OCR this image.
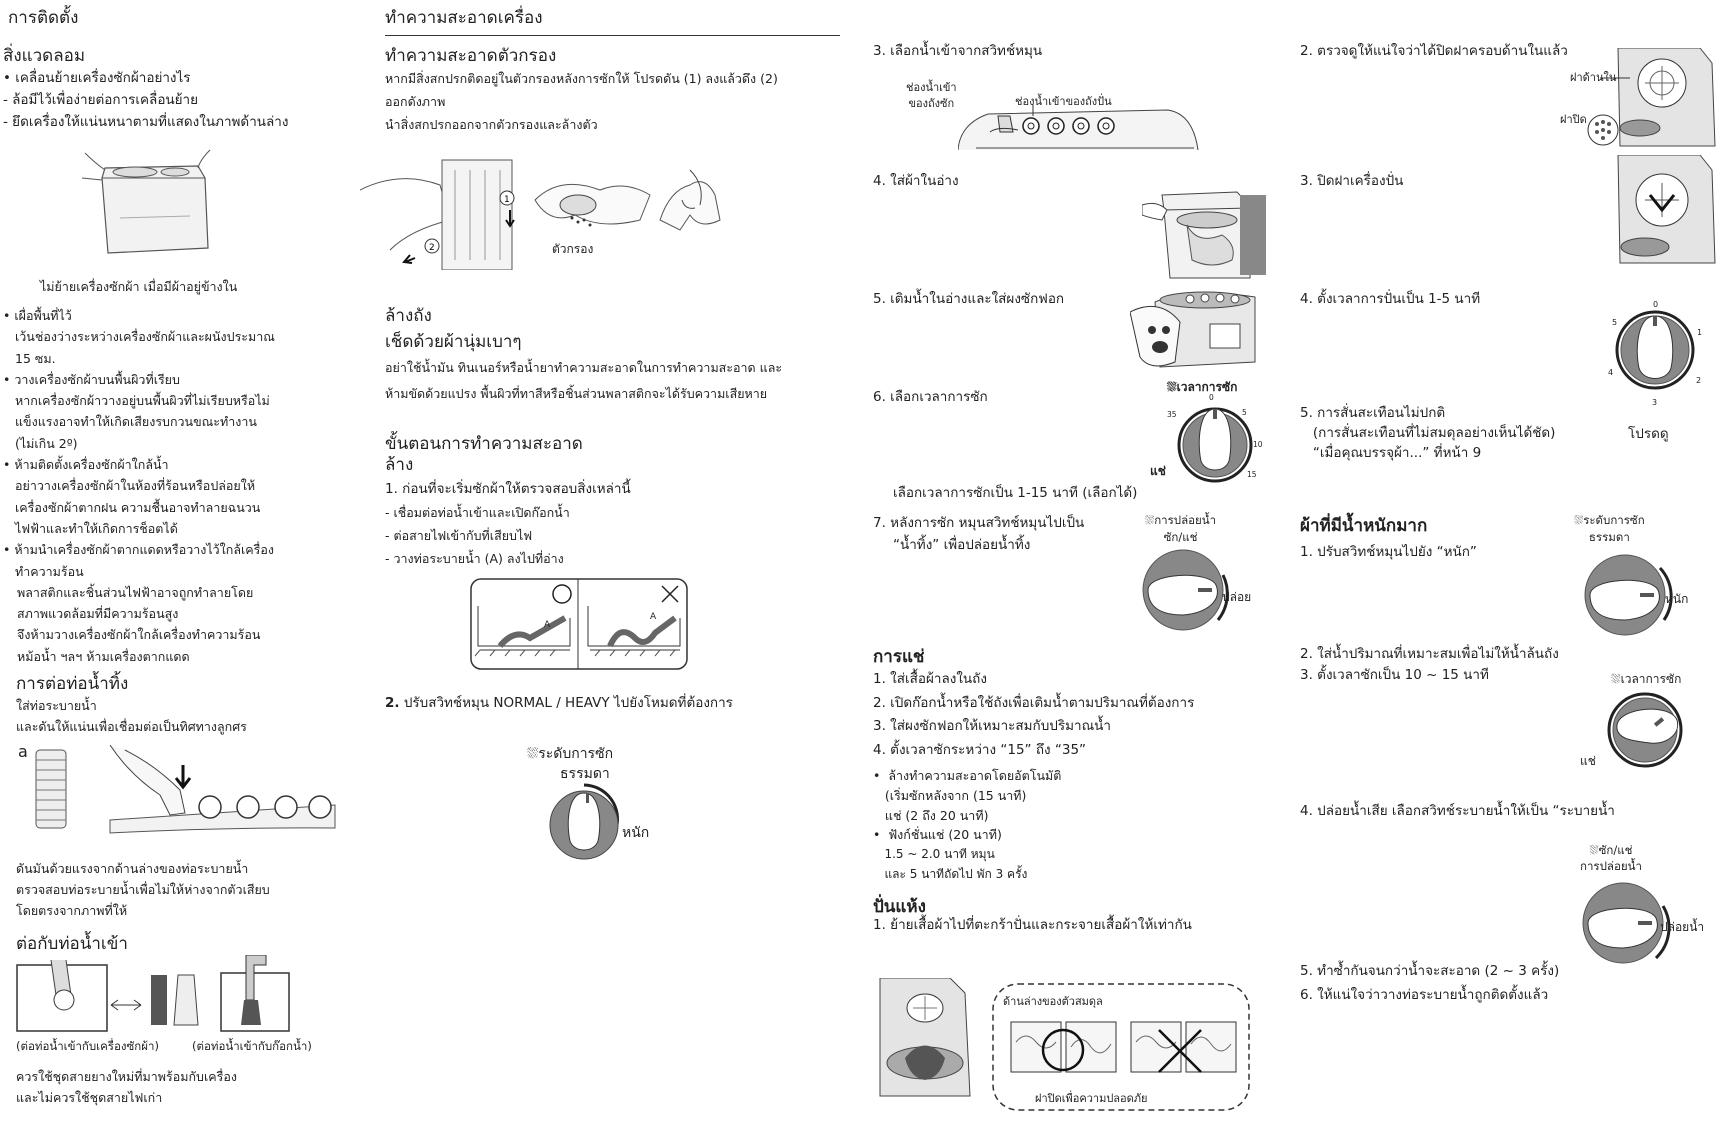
การติดตั้ง	ทำความสะอาดเครื่อง
สิ่งแวดลอม
• เคลื่อนย้ายเครื่องซักผ้าอย่างไร
- ล้อมีไว้เพื่อง่ายต่อการเคลื่อนย้าย
- ยึดเครื่องให้แน่นหนาตามที่แสดงในภาพด้านล่าง
ไม่ย้ายเครื่องซักผ้า เมื่อมีผ้าอยู่ข้างใน
• เผื่อพื้นที่ไว้
เว้นช่องว่างระหว่างเครื่องซักผ้าและผนังประมาณ
15 ซม.
• วางเครื่องซักผ้าบนพื้นผิวที่เรียบ
หากเครื่องซักผ้าวางอยู่บนพื้นผิวที่ไม่เรียบหรือไม่
แข็งแรงอาจทำให้เกิดเสียงรบกวนขณะทำงาน
(ไม่เกิน 2º)
• ห้ามติดตั้งเครื่องซักผ้าใกล้น้ำ
อย่าวางเครื่องซักผ้าในห้องที่ร้อนหรือปล่อยให้
เครื่องซักผ้าตากฝน ความชื้นอาจทำลายฉนวน
ไฟฟ้าและทำให้เกิดการช็อตได้
• ห้ามนำเครื่องซักผ้าตากแดดหรือวางไว้ใกล้เครื่อง
ทำความร้อน
พลาสติกและชิ้นส่วนไฟฟ้าอาจถูกทำลายโดย
สภาพแวดล้อมที่มีความร้อนสูง
จึงห้ามวางเครื่องซักผ้าใกล้เครื่องทำความร้อน
หม้อน้ำ ฯลฯ ห้ามเครื่องตากแดด
การต่อท่อน้ำทิ้ง
ใส่ท่อระบายน้ำ
และดันให้แน่นเพื่อเชื่อมต่อเป็นทิศทางลูกศร
a
ดันมันด้วยแรงจากด้านล่างของท่อระบายน้ำ
ตรวจสอบท่อระบายน้ำเพื่อไม่ให้ห่างจากตัวเสียบ
โดยตรงจากภาพที่ให้
ต่อกับท่อน้ำเข้า
(ต่อท่อน้ำเข้ากับเครื่องซักผ้า)	(ต่อท่อน้ำเข้ากับก๊อกน้ำ)
ควรใช้ชุดสายยางใหม่ที่มาพร้อมกับเครื่อง
และไม่ควรใช้ชุดสายไฟเก่า
ทำความสะอาดตัวกรอง
หากมีสิ่งสกปรกติดอยู่ในตัวกรองหลังการซักให้ โปรดดัน (1) ลงแล้วดึง (2)
ออกดังภาพ
นำสิ่งสกปรกออกจากตัวกรองและล้างตัว
1
2	ตัวกรอง
ล้างถัง
เช็ดด้วยผ้านุ่มเบาๆ
อย่าใช้น้ำมัน ทินเนอร์หรือน้ำยาทำความสะอาดในการทำความสะอาด และ
ห้ามขัดด้วยแปรง พื้นผิวที่ทาสีหรือชิ้นส่วนพลาสติกจะได้รับความเสียหาย
ขั้นตอนการทำความสะอาด
ล้าง
1. ก่อนที่จะเริ่มซักผ้าให้ตรวจสอบสิ่งเหล่านี้
- เชื่อมต่อท่อน้ำเข้าและเปิดก๊อกน้ำ
- ต่อสายไฟเข้ากับที่เสียบไฟ
- วางท่อระบายน้ำ (A) ลงไปที่อ่าง
A
A
2. ปรับสวิทช์หมุน NORMAL / HEAVY ไปยังโหมดที่ต้องการ
⛆ระดับการซัก
ธรรมดา
หนัก
3. เลือกน้ำเข้าจากสวิทช์หมุน
ช่องน้ำเข้า
ของถังซัก	ช่องน้ำเข้าของถังปั่น
4. ใส่ผ้าในอ่าง
5. เติมน้ำในอ่างและใส่ผงซักฟอก
6. เลือกเวลาการซัก
⛆เวลาการซัก
0
5
10
15
35
แช่
เลือกเวลาการซักเป็น 1-15 นาที (เลือกได้)
7. หลังการซัก หมุนสวิทช์หมุนไปเป็น
“น้ำทิ้ง” เพื่อปล่อยน้ำทิ้ง
⛆การปล่อยน้ำ
ซัก/แช่
ปล่อย
การแช่
1. ใส่เสื้อผ้าลงในถัง
2. เปิดก๊อกน้ำหรือใช้ถังเพื่อเติมน้ำตามปริมาณที่ต้องการ
3. ใส่ผงซักฟอกให้เหมาะสมกับปริมาณน้ำ
4. ตั้งเวลาซักระหว่าง “15” ถึง “35”
•  ล้างทำความสะอาดโดยอัตโนมัติ
(เริ่มซักหลังจาก (15 นาที)
แช่ (2 ถึง 20 นาที)
•  ฟังก์ชั่นแช่ (20 นาที)
1.5 ~ 2.0 นาที หมุน
และ 5 นาทีถัดไป พัก 3 ครั้ง
ปั่นแห้ง
1. ย้ายเสื้อผ้าไปที่ตะกร้าปั่นและกระจายเสื้อผ้าให้เท่ากัน
ด้านล่างของตัวสมดุล
ฝาปิดเพื่อความปลอดภัย
2. ตรวจดูให้แน่ใจว่าได้ปิดฝาครอบด้านในแล้ว
ฝาด้านใน
ฝาปิด
3. ปิดฝาเครื่องปั่น
4. ตั้งเวลาการปั่นเป็น 1-5 นาที	0
1
2
3
4
5
5. การสั่นสะเทือนไม่ปกติ
(การสั่นสะเทือนที่ไม่สมดุลอย่างเห็นได้ชัด)
“เมื่อคุณบรรจุผ้า...” ที่หน้า 9
โปรดดู
ผ้าที่มีน้ำหนักมาก
1. ปรับสวิทช์หมุนไปยัง “หนัก”
⛆ระดับการซัก
ธรรมดา
หนัก
2. ใส่น้ำปริมาณที่เหมาะสมเพื่อไม่ให้น้ำล้นถัง
3. ตั้งเวลาซักเป็น 10 ~ 15 นาที	⛆เวลาการซัก
แช่
4. ปล่อยน้ำเสีย เลือกสวิทช์ระบายน้ำให้เป็น “ระบายน้ำ
⛆ซัก/แช่
การปล่อยน้ำ
ปล่อยน้ำ
5. ทำซ้ำกันจนกว่าน้ำจะสะอาด (2 ~ 3 ครั้ง)
6. ให้แน่ใจว่าวางท่อระบายน้ำถูกติดตั้งแล้ว
